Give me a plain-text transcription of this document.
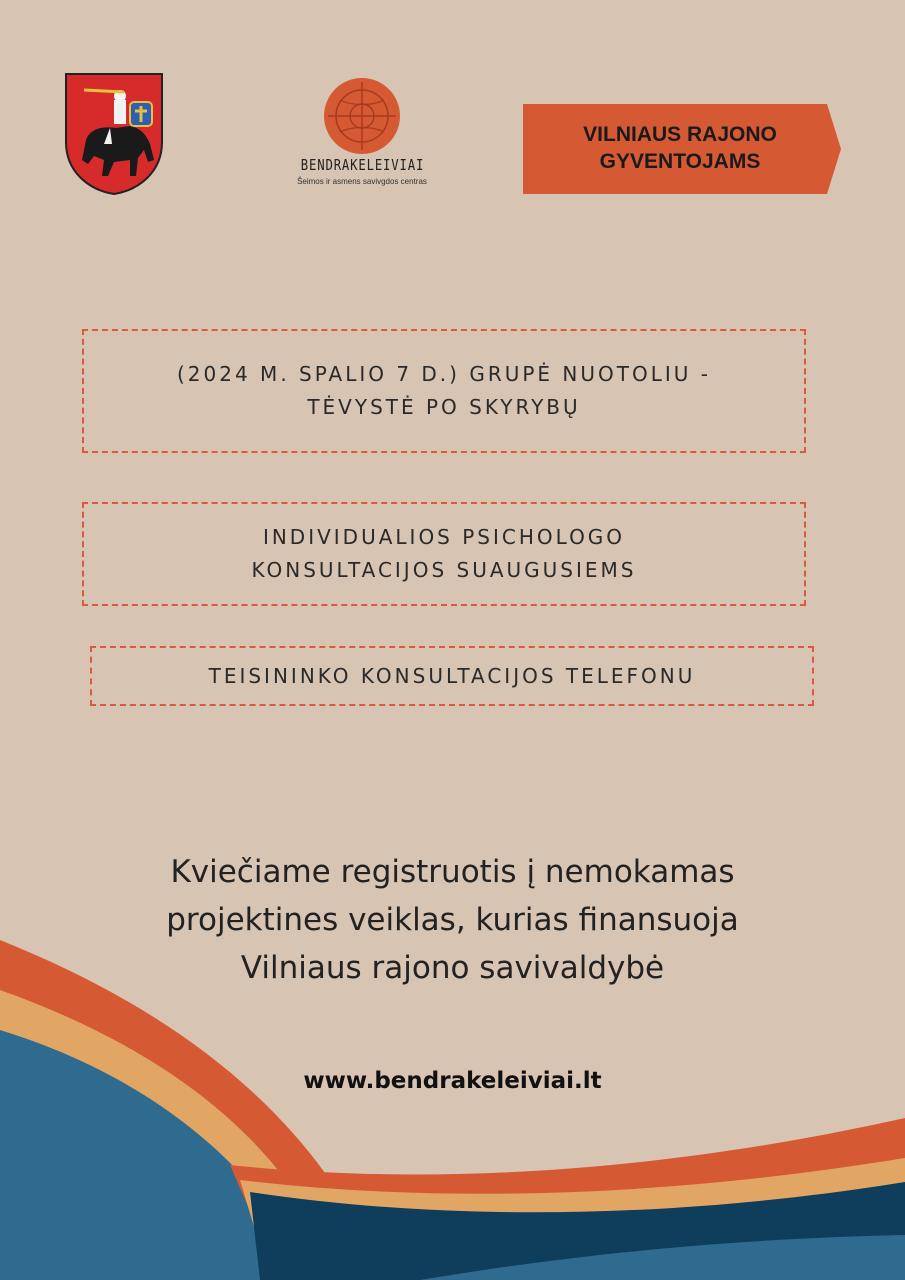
BENDRAKELEIVIAI
Šeimos ir asmens savivgdos centras
VILNIAUS RAJONO
GYVENTOJAMS
(2024 M. SPALIO 7 D.) GRUPĖ NUOTOLIU -
TĖVYSTĖ PO SKYRYBŲ
INDIVIDUALIOS PSICHOLOGO
KONSULTACIJOS SUAUGUSIEMS
TEISININKO KONSULTACIJOS TELEFONU
Kviečiame registruotis į nemokamas
projektines veiklas, kurias finansuoja
Vilniaus rajono savivaldybė
www.bendrakeleiviai.lt
